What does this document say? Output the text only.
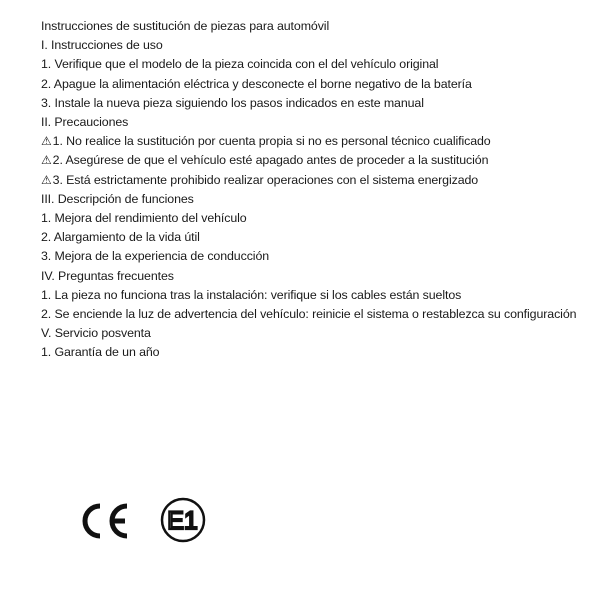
Instrucciones de sustitución de piezas para automóvil
I. Instrucciones de uso
1. Verifique que el modelo de la pieza coincida con el del vehículo original
2. Apague la alimentación eléctrica y desconecte el borne negativo de la batería
3. Instale la nueva pieza siguiendo los pasos indicados en este manual
II. Precauciones
⚠1. No realice la sustitución por cuenta propia si no es personal técnico cualificado
⚠2. Asegúrese de que el vehículo esté apagado antes de proceder a la sustitución
⚠3. Está estrictamente prohibido realizar operaciones con el sistema energizado
III. Descripción de funciones
1. Mejora del rendimiento del vehículo
2. Alargamiento de la vida útil
3. Mejora de la experiencia de conducción
IV. Preguntas frecuentes
1. La pieza no funciona tras la instalación: verifique si los cables están sueltos
2. Se enciende la luz de advertencia del vehículo: reinicie el sistema o restablezca su configuración
V. Servicio posventa
1. Garantía de un año
E1
